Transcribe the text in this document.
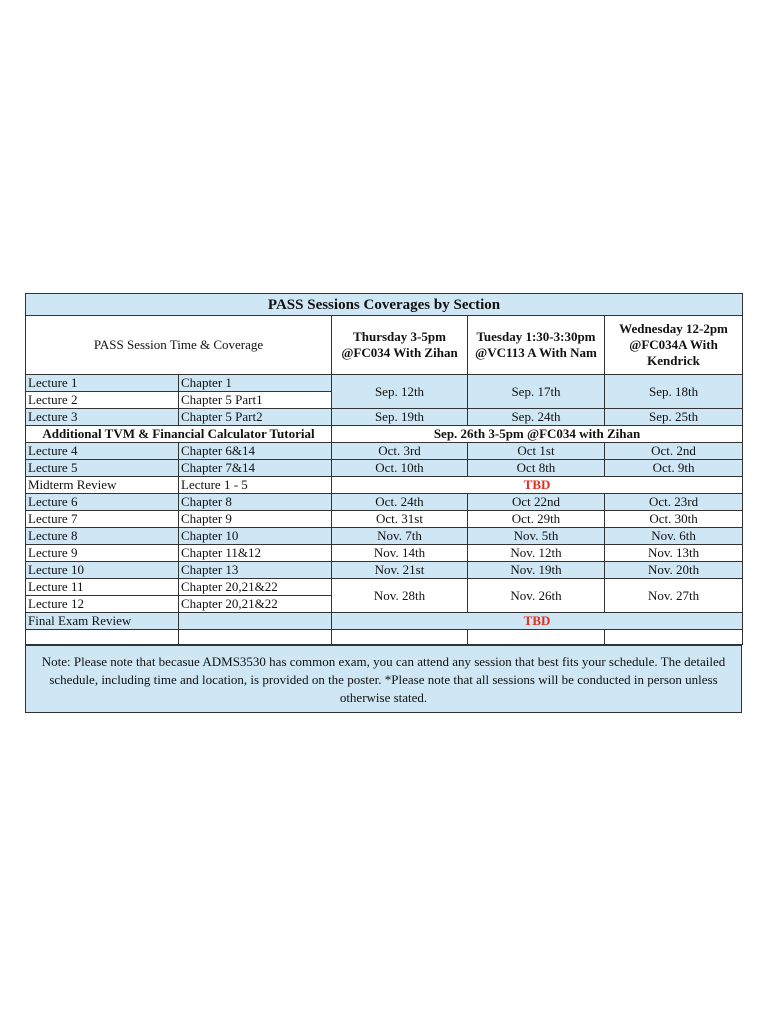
PASS Sessions Coverages by Section				
PASS Session Time & Coverage		Thursday 3-5pm @FC034 With Zihan	Tuesday 1:30-3:30pm @VC113 A With Nam	Wednesday 12-2pm @FC034A With Kendrick
Lecture 1	Chapter 1	Sep. 12th	Sep. 17th	Sep. 18th
Lecture 2	Chapter 5 Part1			
Lecture 3	Chapter 5 Part2	Sep. 19th	Sep. 24th	Sep. 25th
Additional TVM & Financial Calculator Tutorial		Sep. 26th 3-5pm @FC034 with Zihan		
Lecture 4	Chapter 6&14	Oct. 3rd	Oct 1st	Oct. 2nd
Lecture 5	Chapter 7&14	Oct. 10th	Oct 8th	Oct. 9th
Midterm Review	Lecture 1 - 5	TBD		
Lecture 6	Chapter 8	Oct. 24th	Oct 22nd	Oct. 23rd
Lecture 7	Chapter 9	Oct. 31st	Oct. 29th	Oct. 30th
Lecture 8	Chapter 10	Nov. 7th	Nov. 5th	Nov. 6th
Lecture 9	Chapter 11&12	Nov. 14th	Nov. 12th	Nov. 13th
Lecture 10	Chapter 13	Nov. 21st	Nov. 19th	Nov. 20th
Lecture 11	Chapter 20,21&22	Nov. 28th	Nov. 26th	Nov. 27th
Lecture 12	Chapter 20,21&22			
Final Exam Review		TBD		

Note: Please note that becasue ADMS3530 has common exam, you can attend any session that best fits your schedule. The detailed schedule, including time and location, is provided on the poster. *Please note that all sessions will be conducted in person unless otherwise stated.
